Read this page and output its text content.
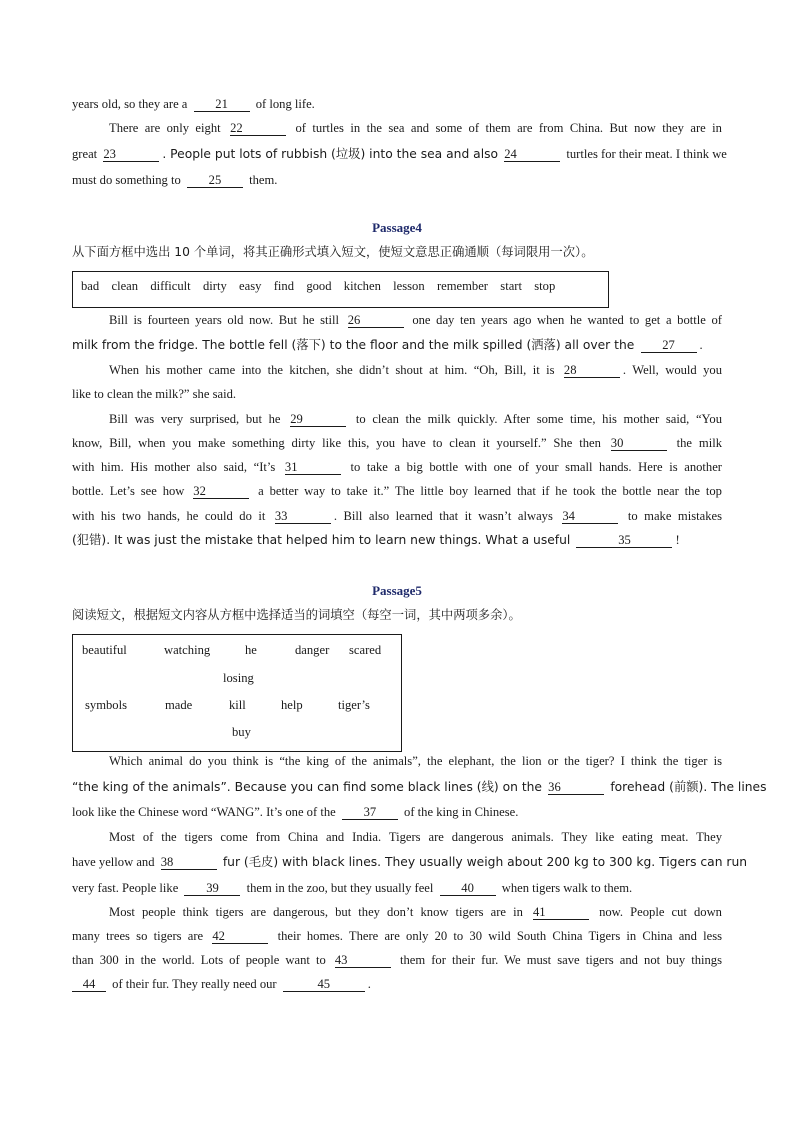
years old, so they are a 21 of long life.
There are only eight 22	of turtles in the sea and some of them are from China. But now they are in
great 23	. People put lots of rubbish (垃圾) into the sea and also 24	turtles for their meat. I think we
must do something to 25 them.
Passage4
从下面方框中选出 10 个单词，将其正确形式填入短文，使短文意思正确通顺（每词限用一次）。
bad  clean  difficult  dirty  easy  find  good  kitchen  lesson  remember  start  stop
Bill is fourteen years old now. But he still 26	one day ten years ago when he wanted to get a bottle of
milk from the fridge. The bottle fell (落下) to the floor and the milk spilled (洒落) all over the 27 .
When his mother came into the kitchen, she didn’t shout at him. “Oh, Bill, it is 28	. Well, would you
like to clean the milk?” she said.
Bill was very surprised, but he 29	to clean the milk quickly. After some time, his mother said, “You
know, Bill, when you make something dirty like this, you have to clean it yourself.” She then 30	the milk
with him. His mother also said, “It’s 31	to take a big bottle with one of your small hands. Here is another
bottle. Let’s see how 32	a better way to take it.” The little boy learned that if he took the bottle near the top
with his two hands, he could do it 33	. Bill also learned that it wasn’t always 34	to make mistakes
(犯错). It was just the mistake that helped him to learn new things. What a useful	35	!
Passage5
阅读短文，根据短文内容从方框中选择适当的词填空（每空一词，其中两项多余）。
beautiful	watching	he	danger scared
losing
symbols	made	kill	help	tiger’s
buy
Which animal do you think is “the king of the animals”, the elephant, the lion or the tiger? I think the tiger is
“the king of the animals”. Because you can find some black lines (线) on the 36	forehead (前额). The lines
look like the Chinese word “WANG”. It’s one of the 37 of the king in Chinese.
Most of the tigers come from China and India. Tigers are dangerous animals. They like eating meat. They
have yellow and 38	fur (毛皮) with black lines. They usually weigh about 200 kg to 300 kg. Tigers can run
very fast. People like 39 them in the zoo, but they usually feel 40 when tigers walk to them.
Most people think tigers are dangerous, but they don’t know tigers are in 41	now. People cut down
many trees so tigers are 42	their homes. There are only 20 to 30 wild South China Tigers in China and less
than 300 in the world. Lots of people want to 43	them for their fur. We must save tigers and not buy things
44 of their fur. They really need our	45	.
